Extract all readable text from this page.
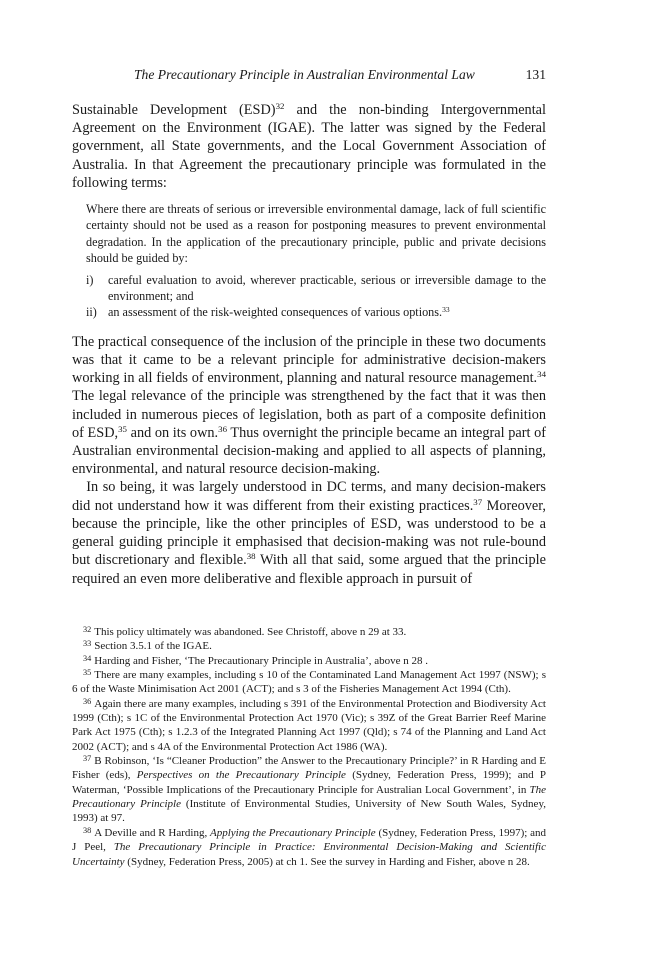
The Precautionary Principle in Australian Environmental Law	131

Sustainable Development (ESD)$^{32}$ and the non-binding Intergovernmental Agreement on the Environment (IGAE). The latter was signed by the Federal government, all State governments, and the Local Government Association of Australia. In that Agreement the precautionary principle was formulated in the following terms:

Where there are threats of serious or irreversible environmental damage, lack of full scientific certainty should not be used as a reason for postponing measures to prevent environmental degradation. In the application of the precautionary principle, public and private decisions should be guided by:

i) careful evaluation to avoid, wherever practicable, serious or irreversible damage to the environment; and
ii) an assessment of the risk-weighted consequences of various options.$^{33}$

The practical consequence of the inclusion of the principle in these two documents was that it came to be a relevant principle for administrative decision-makers working in all fields of environment, planning and natural resource management.$^{34}$ The legal relevance of the principle was strengthened by the fact that it was then included in numerous pieces of legislation, both as part of a composite definition of ESD,$^{35}$ and on its own.$^{36}$ Thus overnight the principle became an integral part of Australian environmental decision-making and applied to all aspects of planning, environmental, and natural resource decision-making.

In so being, it was largely understood in DC terms, and many decision-makers did not understand how it was different from their existing practices.$^{37}$ Moreover, because the principle, like the other principles of ESD, was understood to be a general guiding principle it emphasised that decision-making was not rule-bound but discretionary and flexible.$^{38}$ With all that said, some argued that the principle required an even more deliberative and flexible approach in pursuit of

$^{32}$ This policy ultimately was abandoned. See Christoff, above n 29 at 33.

$^{33}$ Section 3.5.1 of the IGAE.

$^{34}$ Harding and Fisher, ‘The Precautionary Principle in Australia’, above n 28 .

$^{35}$ There are many examples, including s 10 of the Contaminated Land Management Act 1997 (NSW); s 6 of the Waste Minimisation Act 2001 (ACT); and s 3 of the Fisheries Management Act 1994 (Cth).

$^{36}$ Again there are many examples, including s 391 of the Environmental Protection and Biodiversity Act 1999 (Cth); s 1C of the Environmental Protection Act 1970 (Vic); s 39Z of the Great Barrier Reef Marine Park Act 1975 (Cth); s 1.2.3 of the Integrated Planning Act 1997 (Qld); s 74 of the Planning and Land Act 2002 (ACT); and s 4A of the Environmental Protection Act 1986 (WA).

$^{37}$ B Robinson, ‘Is “Cleaner Production” the Answer to the Precautionary Principle?’ in R Harding and E Fisher (eds), Perspectives on the Precautionary Principle (Sydney, Federation Press, 1999); and P Waterman, ‘Possible Implications of the Precautionary Principle for Australian Local Government’, in The Precautionary Principle (Institute of Environmental Studies, University of New South Wales, Sydney, 1993) at 97.

$^{38}$ A Deville and R Harding, Applying the Precautionary Principle (Sydney, Federation Press, 1997); and J Peel, The Precautionary Principle in Practice: Environmental Decision-Making and Scientific Uncertainty (Sydney, Federation Press, 2005) at ch 1. See the survey in Harding and Fisher, above n 28.
